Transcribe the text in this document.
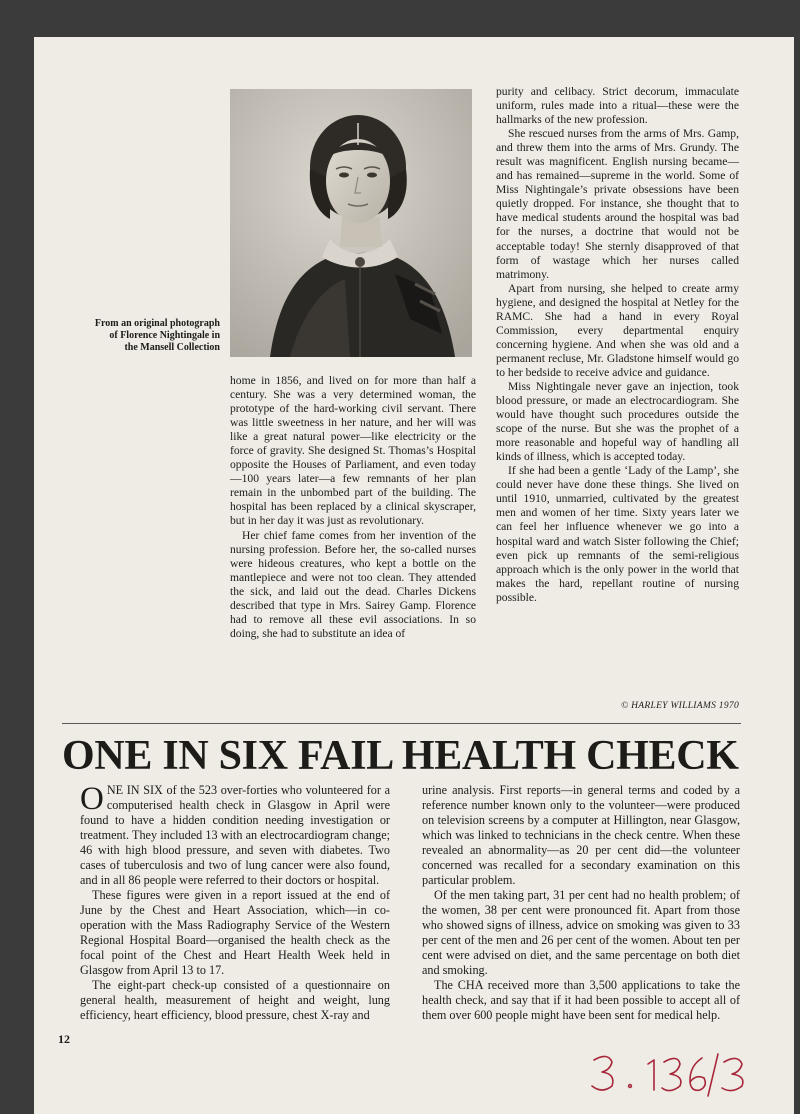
From an original photograph
of Florence Nightingale in
the Mansell Collection

home in 1856, and lived on for more than half a century. She was a very determined woman, the prototype of the hard-working civil servant. There was little sweetness in her nature, and her will was like a great natural power—like electricity or the force of gravity. She designed St. Thomas’s Hospital opposite the Houses of Parliament, and even today—100 years later—a few remnants of her plan remain in the unbombed part of the building. The hospital has been replaced by a clinical skyscraper, but in her day it was just as revolutionary.

Her chief fame comes from her invention of the nursing profession. Before her, the so-called nurses were hideous creatures, who kept a bottle on the mantlepiece and were not too clean. They attended the sick, and laid out the dead. Charles Dickens described that type in Mrs. Sairey Gamp. Florence had to remove all these evil associations. In so doing, she had to substitute an idea of

purity and celibacy. Strict decorum, immaculate uniform, rules made into a ritual—these were the hallmarks of the new profession.

She rescued nurses from the arms of Mrs. Gamp, and threw them into the arms of Mrs. Grundy. The result was magnificent. English nursing became—and has remained—supreme in the world. Some of Miss Nightingale’s private obsessions have been quietly dropped. For instance, she thought that to have medical students around the hospital was bad for the nurses, a doctrine that would not be acceptable today! She sternly disapproved of that form of wastage which her nurses called matrimony.

Apart from nursing, she helped to create army hygiene, and designed the hospital at Netley for the RAMC. She had a hand in every Royal Commission, every departmental enquiry concerning hygiene. And when she was old and a permanent recluse, Mr. Gladstone himself would go to her bedside to receive advice and guidance.

Miss Nightingale never gave an injection, took blood pressure, or made an electrocardiogram. She would have thought such procedures outside the scope of the nurse. But she was the prophet of a more reasonable and hopeful way of handling all kinds of illness, which is accepted today.

If she had been a gentle ‘Lady of the Lamp’, she could never have done these things. She lived on until 1910, unmarried, cultivated by the greatest men and women of her time. Sixty years later we can feel her influence whenever we go into a hospital ward and watch Sister following the Chief; even pick up remnants of the semi-religious approach which is the only power in the world that makes the hard, repellant routine of nursing possible.

© HARLEY WILLIAMS 1970
ONE IN SIX FAIL HEALTH CHECK

ONE IN SIX of the 523 over-forties who volunteered for a computerised health check in Glasgow in April were found to have a hidden condition needing investigation or treatment. They included 13 with an electrocardiogram change; 46 with high blood pressure, and seven with diabetes. Two cases of tuberculosis and two of lung cancer were also found, and in all 86 people were referred to their doctors or hospital.

These figures were given in a report issued at the end of June by the Chest and Heart Association, which—in co-operation with the Mass Radiography Service of the Western Regional Hospital Board—organised the health check as the focal point of the Chest and Heart Health Week held in Glasgow from April 13 to 17.

The eight-part check-up consisted of a questionnaire on general health, measurement of height and weight, lung efficiency, heart efficiency, blood pressure, chest X-ray and

urine analysis. First reports—in general terms and coded by a reference number known only to the volunteer—were produced on television screens by a computer at Hillington, near Glasgow, which was linked to technicians in the check centre. When these revealed an abnormality—as 20 per cent did—the volunteer concerned was recalled for a secondary examination on this particular problem.

Of the men taking part, 31 per cent had no health problem; of the women, 38 per cent were pronounced fit. Apart from those who showed signs of illness, advice on smoking was given to 33 per cent of the men and 26 per cent of the women. About ten per cent were advised on diet, and the same percentage on both diet and smoking.

The CHA received more than 3,500 applications to take the health check, and say that if it had been possible to accept all of them over 600 people might have been sent for medical help.

12
